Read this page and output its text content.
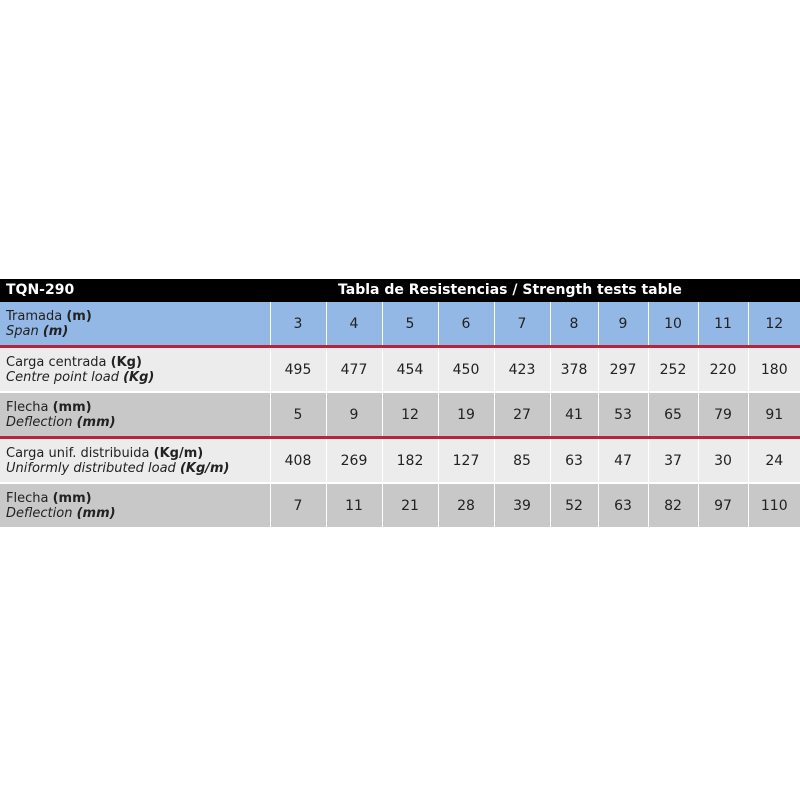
TQN-290	Tabla de Resistencias / Strength tests table
Tramada (m)
Span (m)	3	4	5	6	7	8	9	10	11	12

Carga centrada (Kg)
Centre point load (Kg)	495	477	454	450	423	378	297	252	220	180

Flecha (mm)
Deflection (mm)	5	9	12	19	27	41	53	65	79	91

Carga unif. distribuida (Kg/m)
Uniformly distributed load (Kg/m)	408	269	182	127	85	63	47	37	30	24

Flecha (mm)
Deflection (mm)	7	11	21	28	39	52	63	82	97	110
